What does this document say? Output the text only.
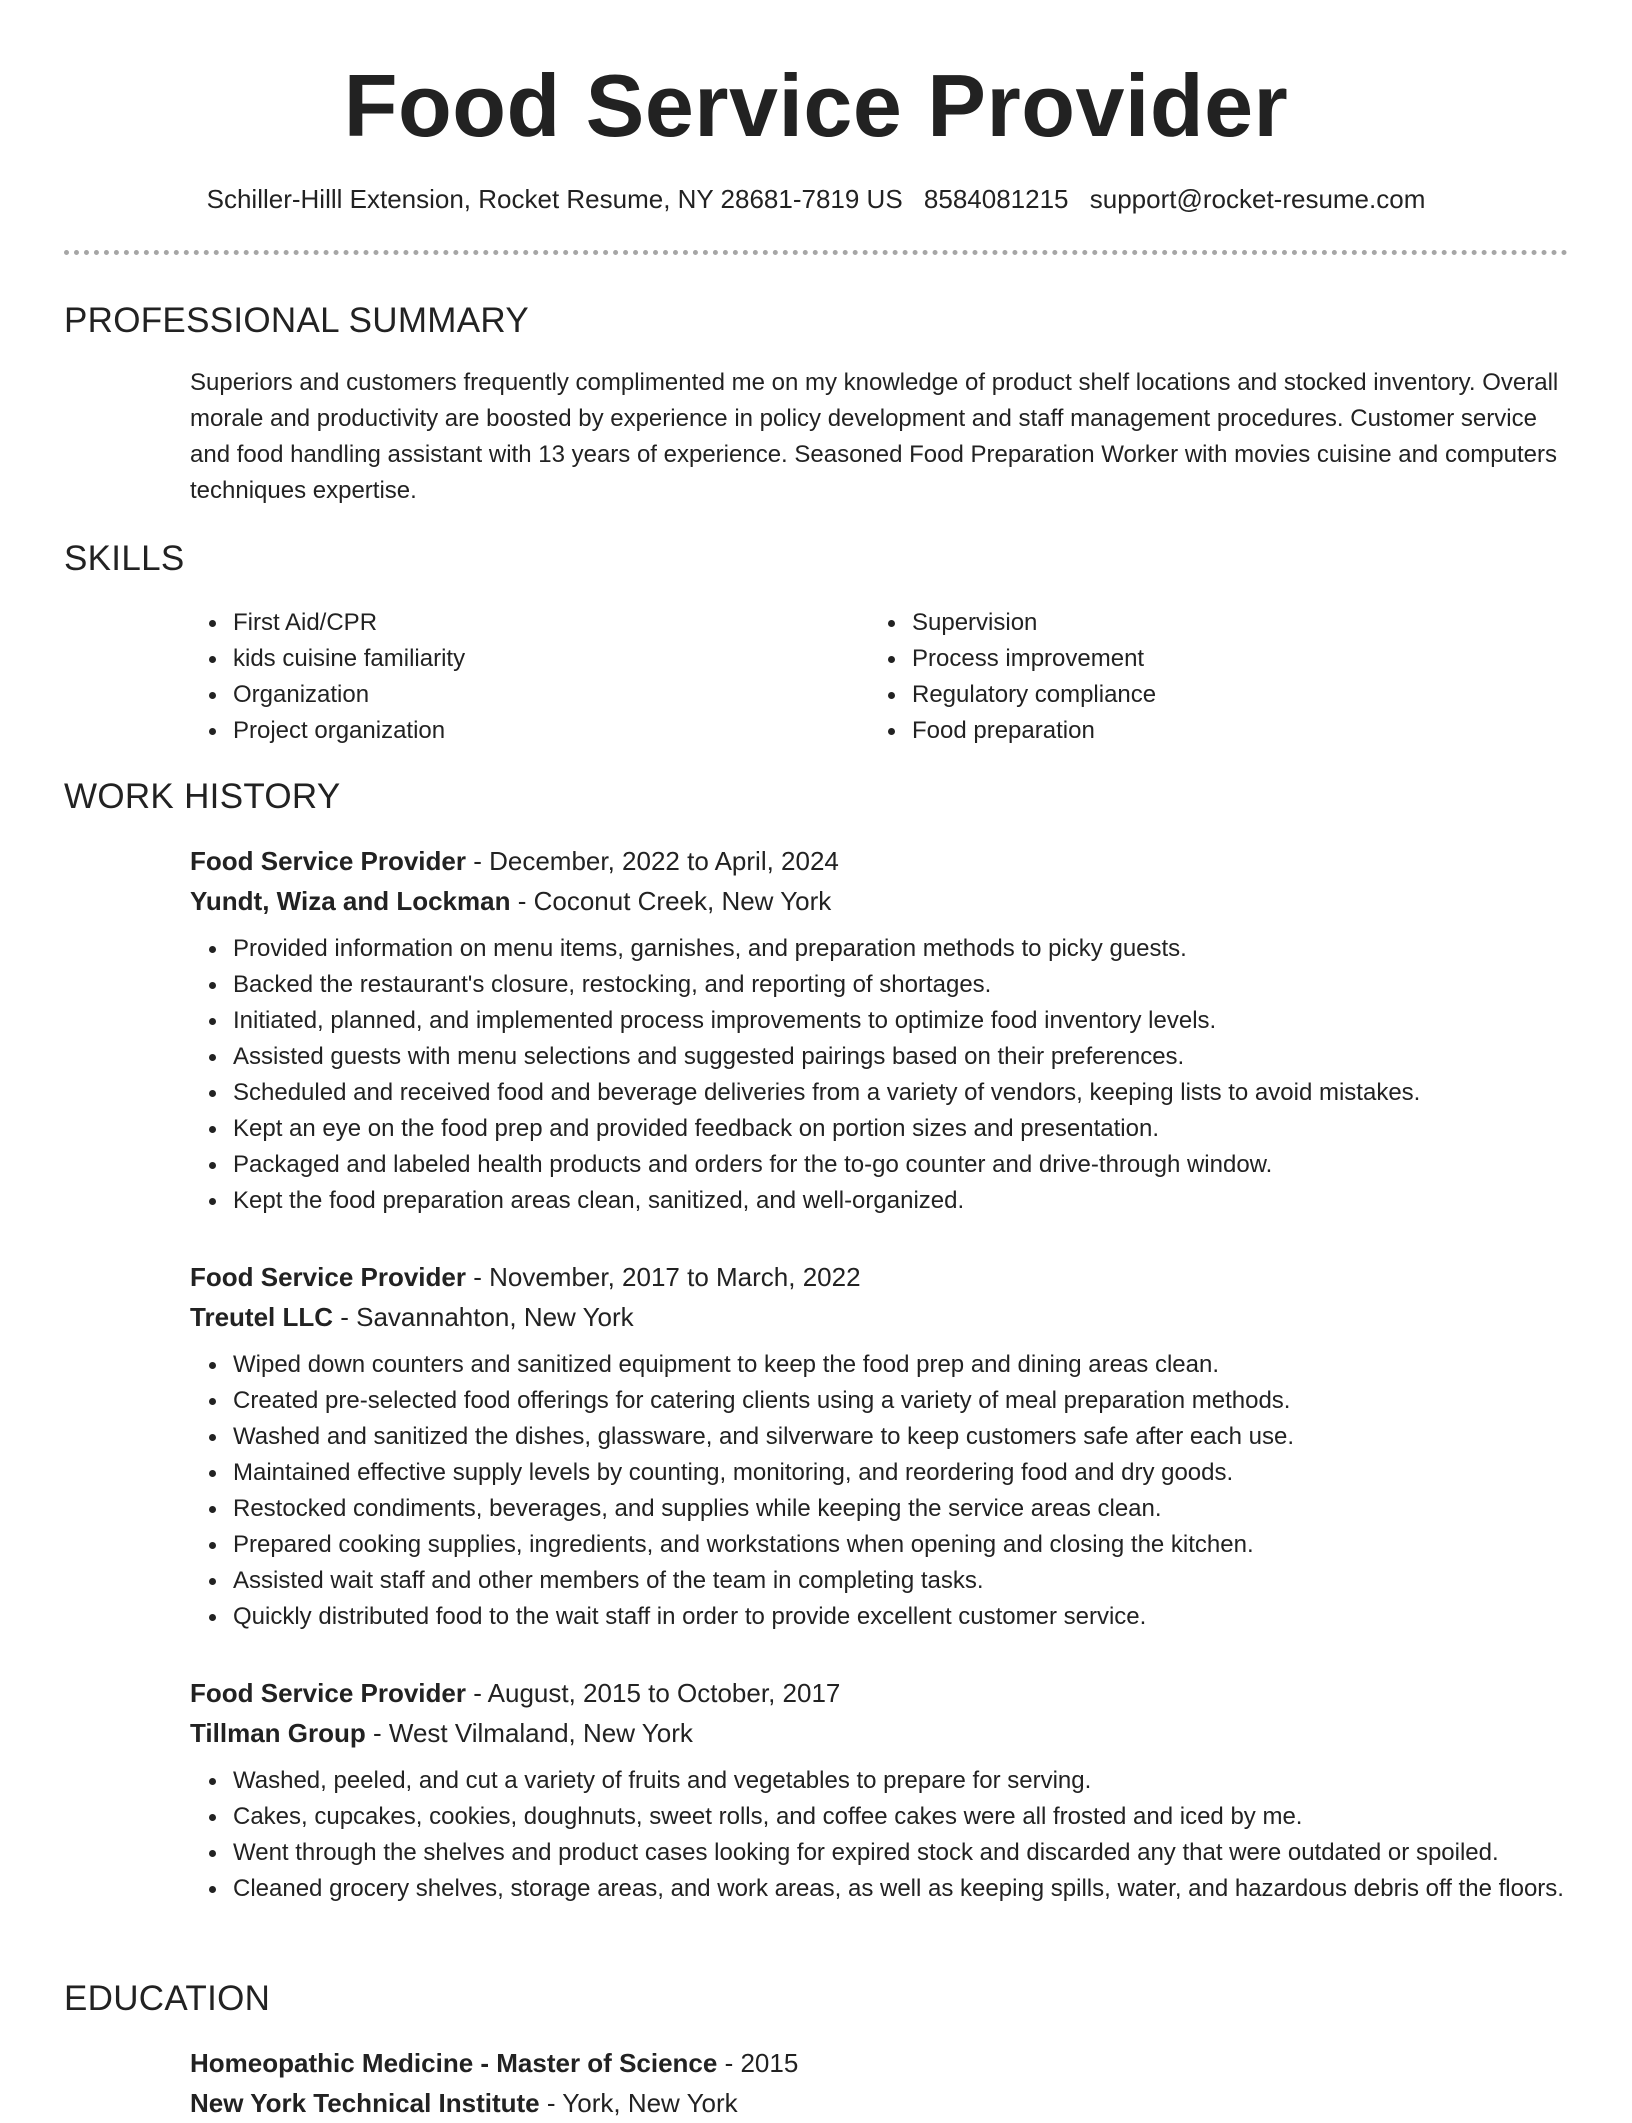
Food Service Provider
Schiller-Hilll Extension, Rocket Resume, NY 28681-7819 US 8584081215 support@rocket-resume.com
PROFESSIONAL SUMMARY
Superiors and customers frequently complimented me on my knowledge of product shelf locations and stocked inventory. Overall morale and productivity are boosted by experience in policy development and staff management procedures. Customer service and food handling assistant with 13 years of experience. Seasoned Food Preparation Worker with movies cuisine and computers techniques expertise.
SKILLS
First Aid/CPR
kids cuisine familiarity
Organization
Project organization
Supervision
Process improvement
Regulatory compliance
Food preparation
WORK HISTORY
Food Service Provider - December, 2022 to April, 2024
Yundt, Wiza and Lockman - Coconut Creek, New York
Provided information on menu items, garnishes, and preparation methods to picky guests.
Backed the restaurant's closure, restocking, and reporting of shortages.
Initiated, planned, and implemented process improvements to optimize food inventory levels.
Assisted guests with menu selections and suggested pairings based on their preferences.
Scheduled and received food and beverage deliveries from a variety of vendors, keeping lists to avoid mistakes.
Kept an eye on the food prep and provided feedback on portion sizes and presentation.
Packaged and labeled health products and orders for the to-go counter and drive-through window.
Kept the food preparation areas clean, sanitized, and well-organized.
Food Service Provider - November, 2017 to March, 2022
Treutel LLC - Savannahton, New York
Wiped down counters and sanitized equipment to keep the food prep and dining areas clean.
Created pre-selected food offerings for catering clients using a variety of meal preparation methods.
Washed and sanitized the dishes, glassware, and silverware to keep customers safe after each use.
Maintained effective supply levels by counting, monitoring, and reordering food and dry goods.
Restocked condiments, beverages, and supplies while keeping the service areas clean.
Prepared cooking supplies, ingredients, and workstations when opening and closing the kitchen.
Assisted wait staff and other members of the team in completing tasks.
Quickly distributed food to the wait staff in order to provide excellent customer service.
Food Service Provider - August, 2015 to October, 2017
Tillman Group - West Vilmaland, New York
Washed, peeled, and cut a variety of fruits and vegetables to prepare for serving.
Cakes, cupcakes, cookies, doughnuts, sweet rolls, and coffee cakes were all frosted and iced by me.
Went through the shelves and product cases looking for expired stock and discarded any that were outdated or spoiled.
Cleaned grocery shelves, storage areas, and work areas, as well as keeping spills, water, and hazardous debris off the floors.
EDUCATION
Homeopathic Medicine - Master of Science - 2015
New York Technical Institute - York, New York
